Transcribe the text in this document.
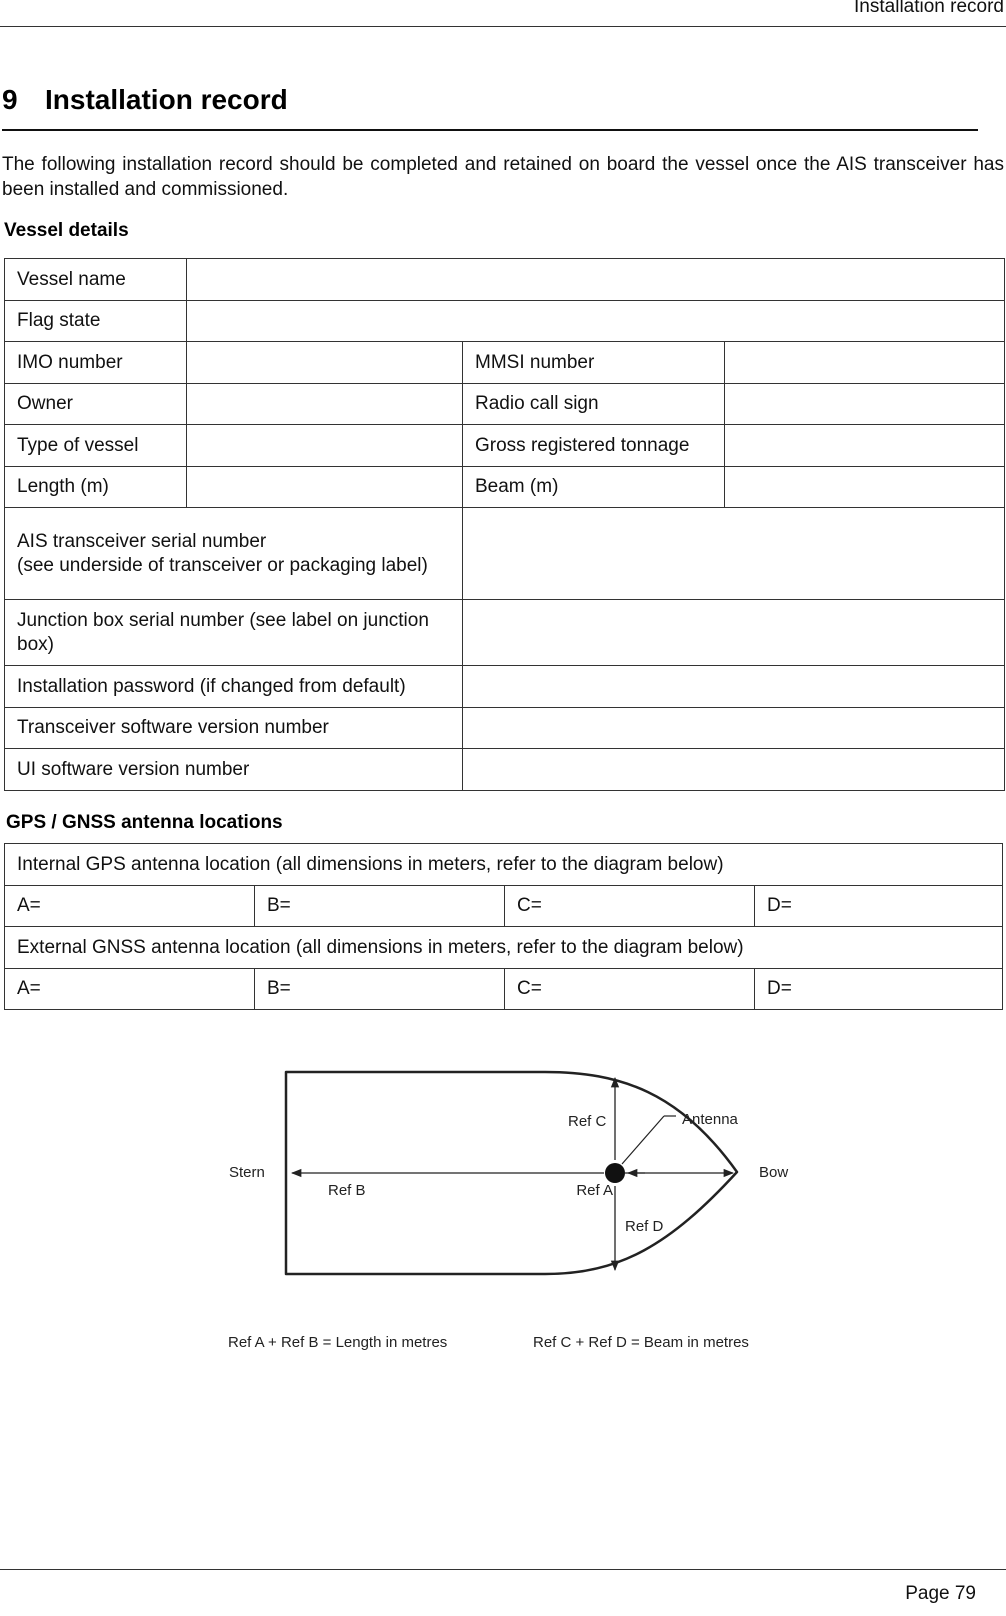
Installation record
9 Installation record

The following installation record should be completed and retained on board the vessel once the AIS transceiver has been installed and commissioned.

Vessel details
Vessel name			
Flag state			
IMO number		MMSI number	
Owner		Radio call sign	
Type of vessel		Gross registered tonnage	
Length (m)		Beam (m)	
AIS transceiver serial number
(see underside of transceiver or packaging label)			
Junction box serial number (see label on junction box)			
Installation password (if changed from default)			
Transceiver software version number			
UI software version number			
GPS / GNSS antenna locations
Internal GPS antenna location (all dimensions in meters, refer to the diagram below)			
A=	B=	C=	D=
External GNSS antenna location (all dimensions in meters, refer to the diagram below)			
A=	B=	C=	D=
Stern	Bow
Ref C	Antenna
Ref B	Ref A
Ref D
Ref A + Ref B = Length in metres	Ref C + Ref D = Beam in metres
Page 79
